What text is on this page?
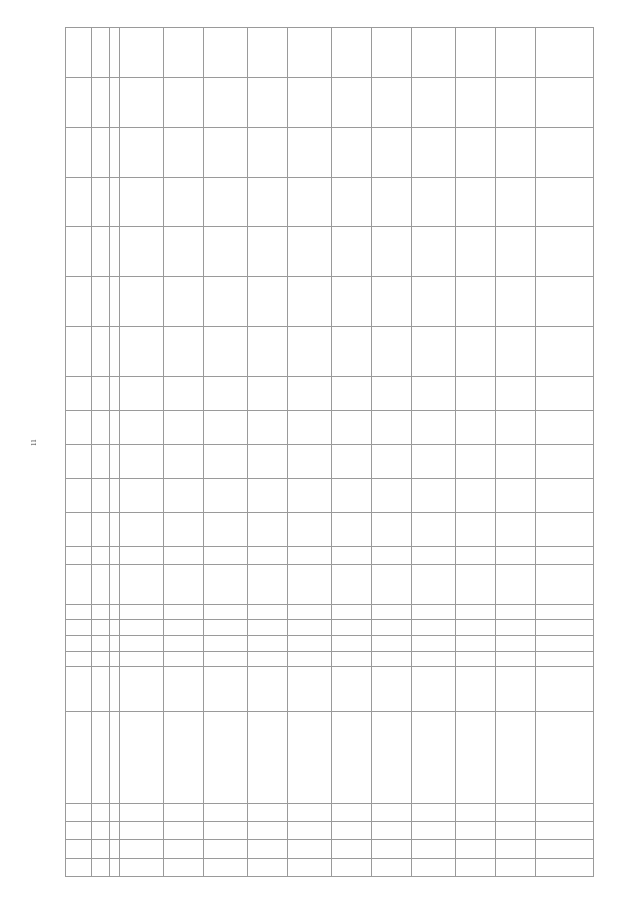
11
